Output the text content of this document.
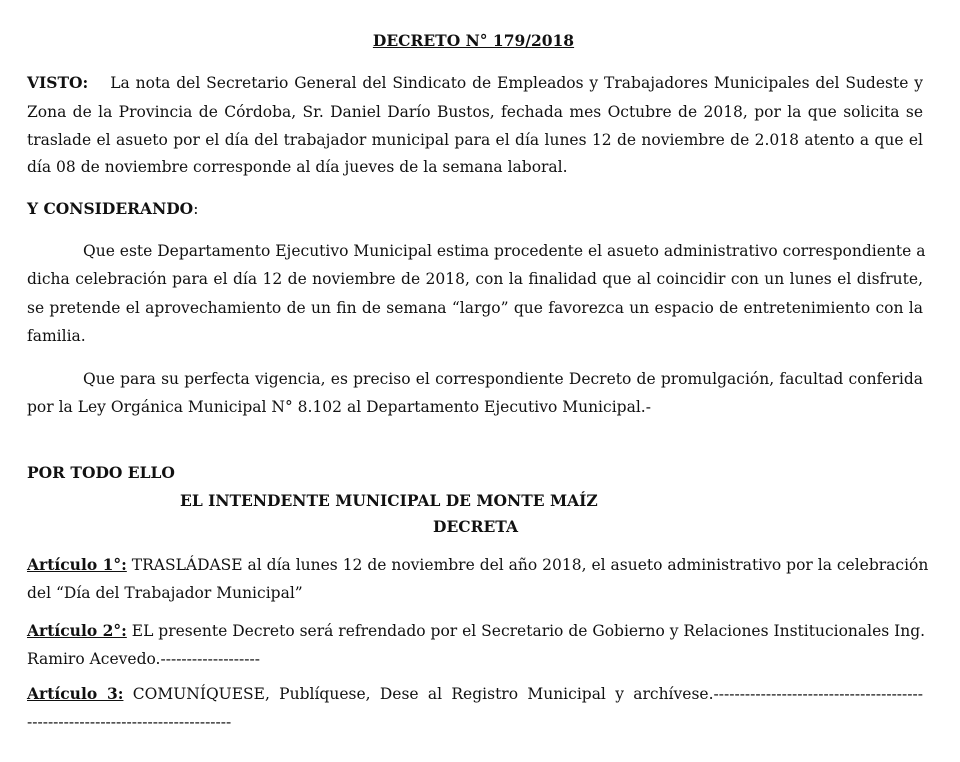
DECRETO N° 179/2018
VISTO: La nota del Secretario General del Sindicato de Empleados y Trabajadores Municipales del Sudeste y
Zona de la Provincia de Córdoba, Sr. Daniel Darío Bustos, fechada mes Octubre de 2018, por la que solicita se
traslade el asueto por el día del trabajador municipal para el día lunes 12 de noviembre de 2.018 atento a que el
día 08 de noviembre corresponde al día jueves de la semana laboral.
Y CONSIDERANDO:
Que este Departamento Ejecutivo Municipal estima procedente el asueto administrativo correspondiente a
dicha celebración para el día 12 de noviembre de 2018, con la finalidad que al coincidir con un lunes el disfrute,
se pretende el aprovechamiento de un fin de semana “largo” que favorezca un espacio de entretenimiento con la
familia.
Que para su perfecta vigencia, es preciso el correspondiente Decreto de promulgación, facultad conferida
por la Ley Orgánica Municipal N° 8.102 al Departamento Ejecutivo Municipal.-
POR TODO ELLO
EL INTENDENTE MUNICIPAL DE MONTE MAÍZ
DECRETA
Artículo 1°: TRASLÁDASE al día lunes 12 de noviembre del año 2018, el asueto administrativo por la celebración
del “Día del Trabajador Municipal”
Artículo 2°: EL presente Decreto será refrendado por el Secretario de Gobierno y Relaciones Institucionales Ing.
Ramiro Acevedo.-------------------
Artículo 3: COMUNÍQUESE, Publíquese, Dese al Registro Municipal y archívese.----------------------------------------
---------------------------------------
